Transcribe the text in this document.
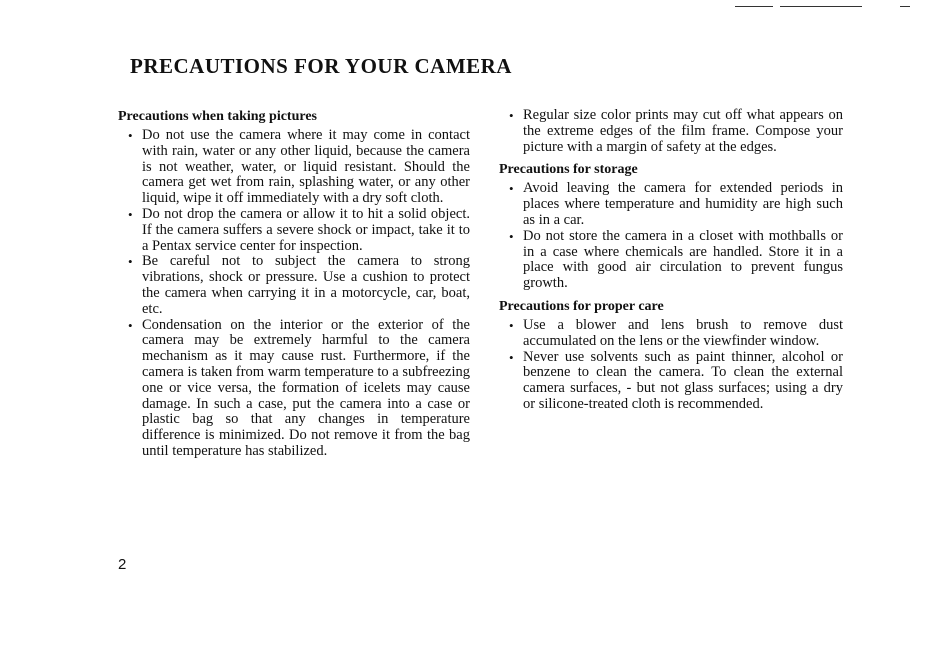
PRECAUTIONS FOR YOUR CAMERA
Precautions when taking pictures
• Do not use the camera where it may come in contact with rain, water or any other liquid, because the camera is not weather, water, or liquid resistant. Should the camera get wet from rain, splashing water, or any other liquid, wipe it off immediately with a dry soft cloth.
• Do not drop the camera or allow it to hit a solid object. If the camera suffers a severe shock or impact, take it to a Pentax service center for inspection.
• Be careful not to subject the camera to strong vibrations, shock or pressure. Use a cushion to protect the camera when carrying it in a motorcycle, car, boat, etc.
• Condensation on the interior or the exterior of the camera may be extremely harmful to the camera mechanism as it may cause rust. Furthermore, if the camera is taken from warm temperature to a subfreezing one or vice versa, the formation of icelets may cause damage. In such a case, put the camera into a case or plastic bag so that any changes in temperature difference is minimized. Do not remove it from the bag until temperature has stabilized.
• Regular size color prints may cut off what appears on the extreme edges of the film frame. Compose your picture with a margin of safety at the edges.
Precautions for storage
• Avoid leaving the camera for extended periods in places where temperature and humidity are high such as in a car.
• Do not store the camera in a closet with mothballs or in a case where chemicals are handled. Store it in a place with good air circulation to prevent fungus growth.
Precautions for proper care
• Use a blower and lens brush to remove dust accumulated on the lens or the viewfinder window.
• Never use solvents such as paint thinner, alcohol or benzene to clean the camera. To clean the external camera surfaces, - but not glass surfaces; using a dry or silicone-treated cloth is recommended.
2
